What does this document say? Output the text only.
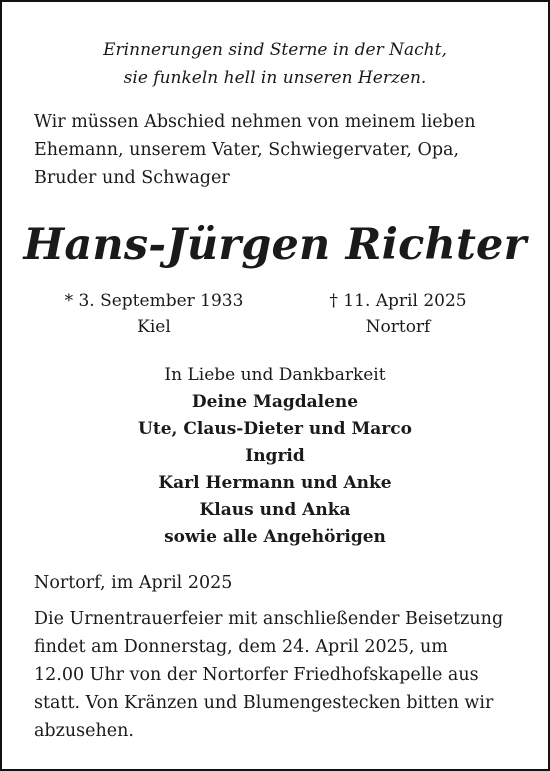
Erinnerungen sind Sterne in der Nacht,
sie funkeln hell in unseren Herzen.
Wir müssen Abschied nehmen von meinem lieben
Ehemann, unserem Vater, Schwiegervater, Opa,
Bruder und Schwager
Hans-Jürgen Richter
* 3. September 1933
Kiel
† 11. April 2025
Nortorf
In Liebe und Dankbarkeit
Deine Magdalene
Ute, Claus-Dieter und Marco
Ingrid
Karl Hermann und Anke
Klaus und Anka
sowie alle Angehörigen
Nortorf, im April 2025
Die Urnentrauerfeier mit anschließender Beisetzung
findet am Donnerstag, dem 24. April 2025, um
12.00 Uhr von der Nortorfer Friedhofskapelle aus
statt. Von Kränzen und Blumengestecken bitten wir
abzusehen.
